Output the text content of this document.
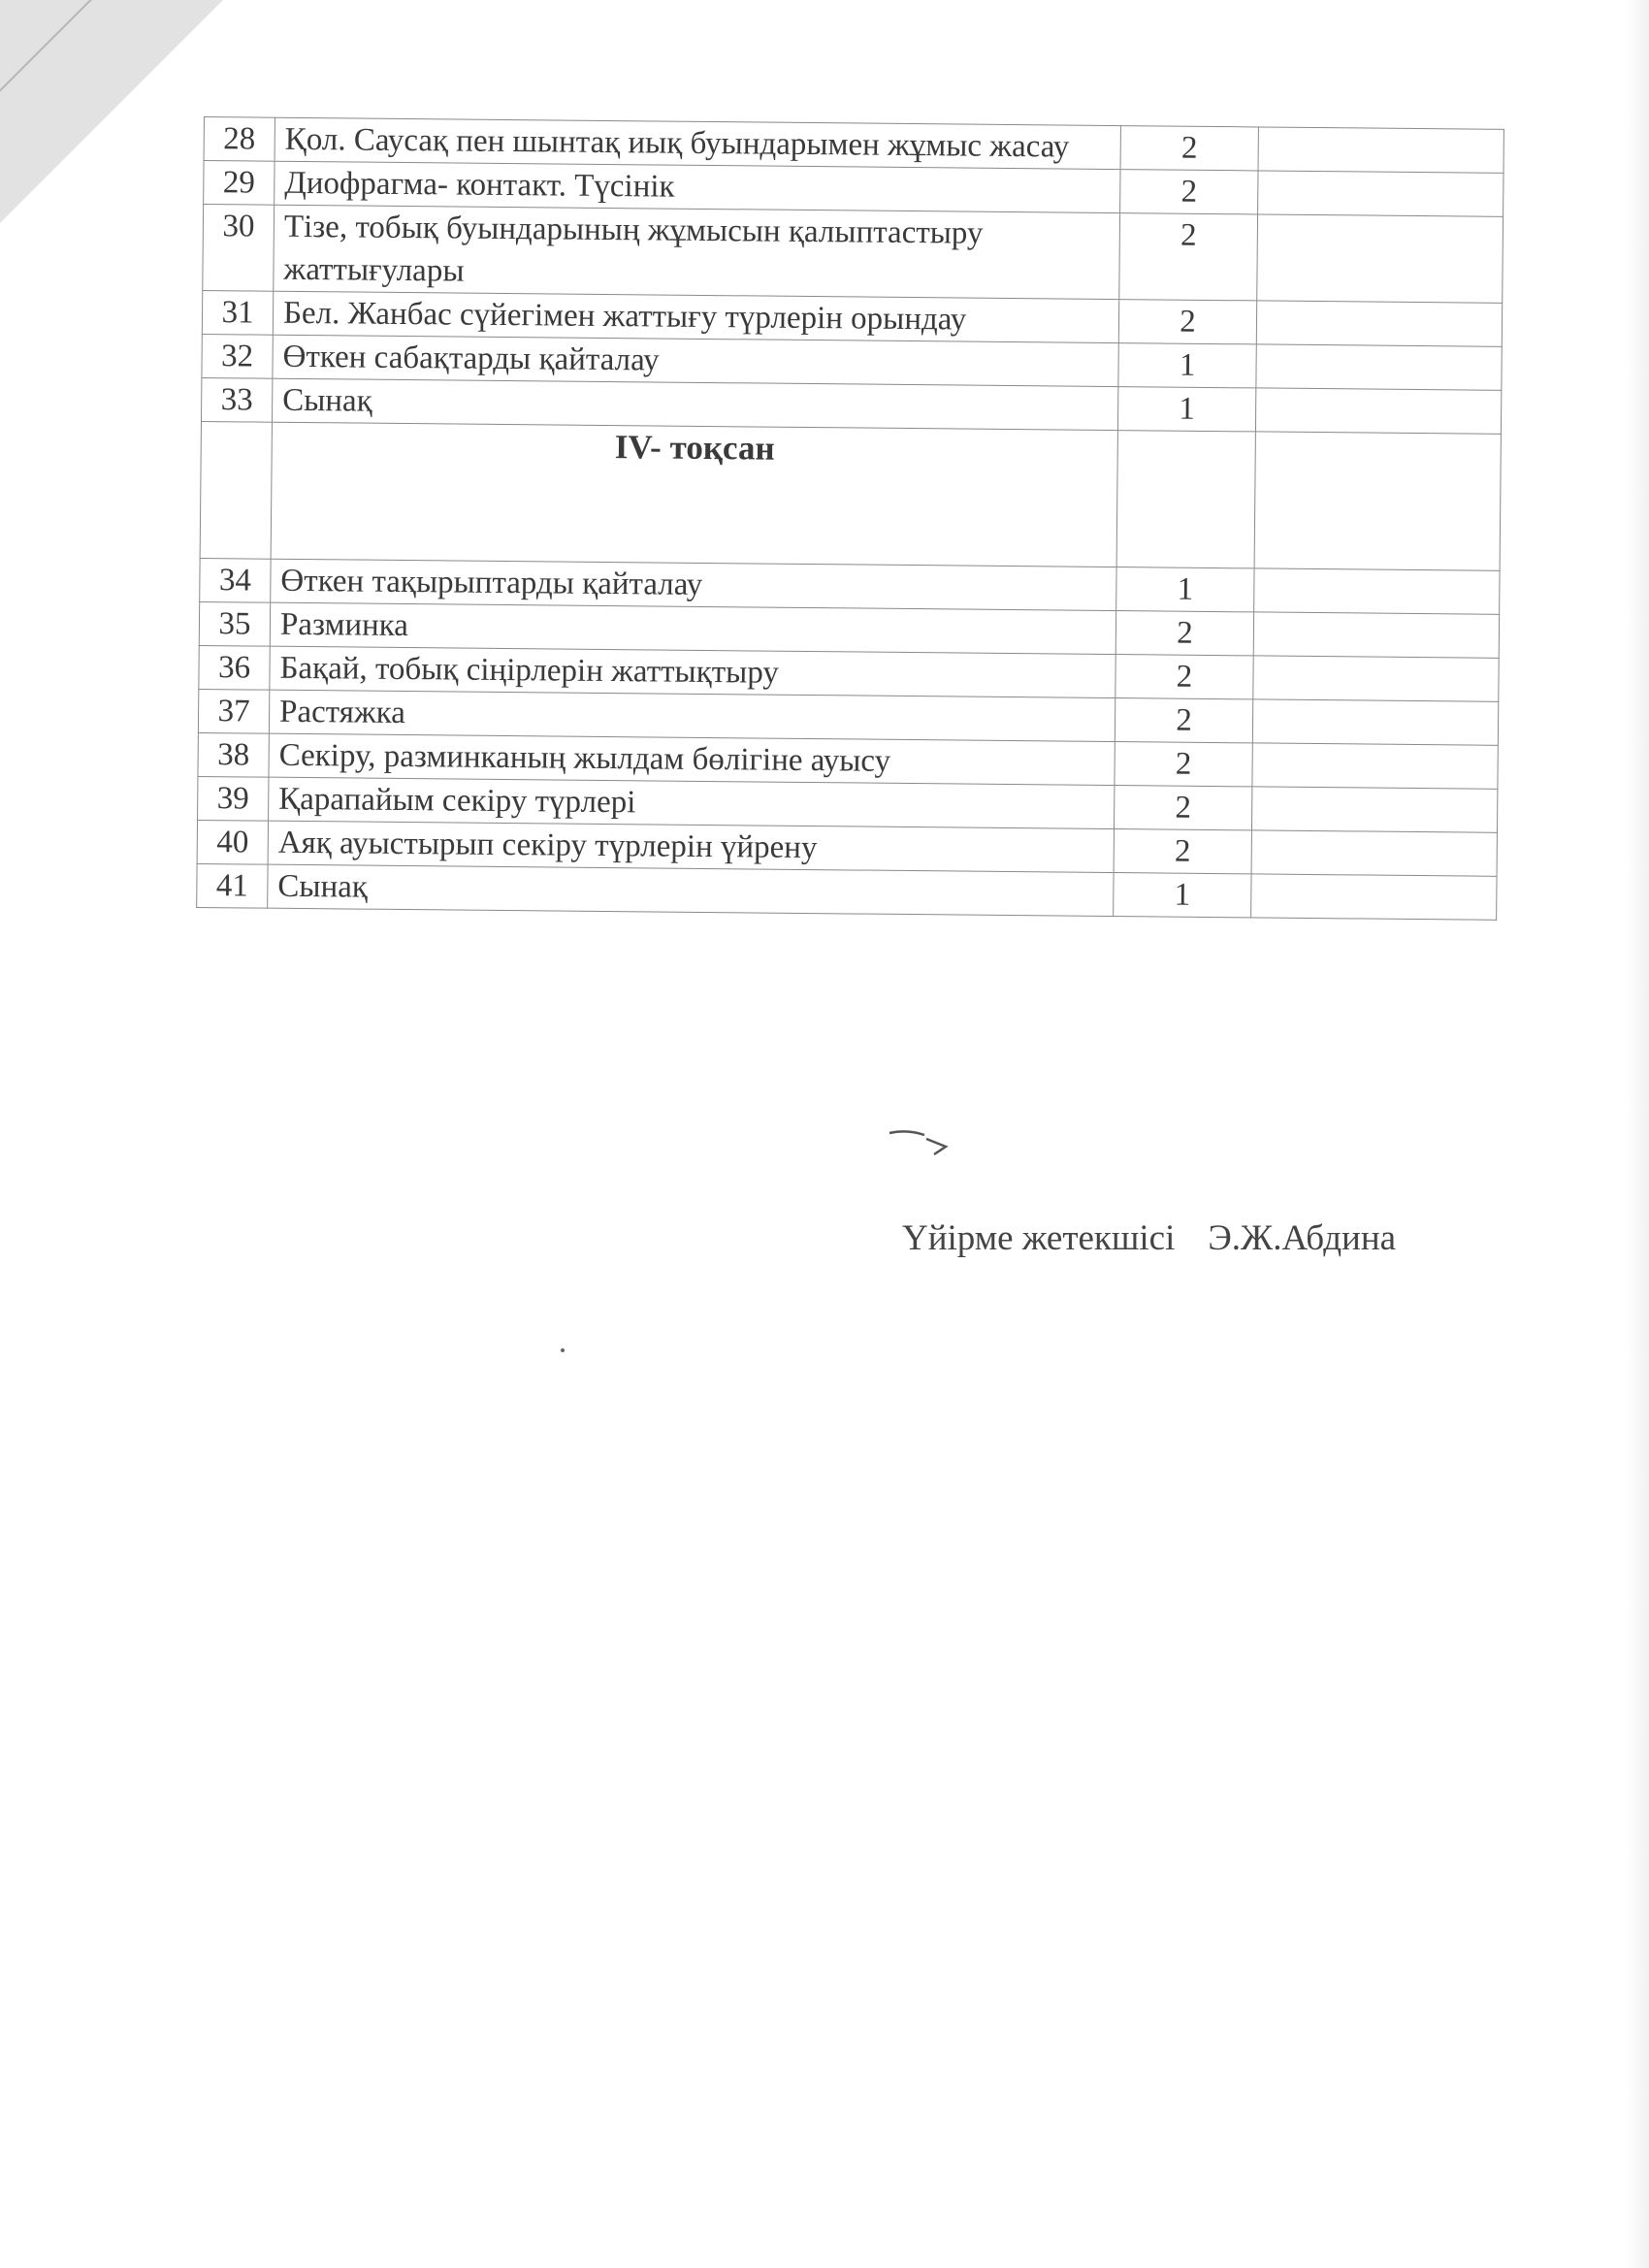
28	Қол. Саусақ пен шынтақ иық буындарымен жұмыс жасау	2	
29	Диофрагма- контакт. Түсінік	2	
30	Тізе, тобық буындарының жұмысын қалыптастыру жаттығулары	2	
31	Бел. Жанбас сүйегімен жаттығу түрлерін орындау	2	
32	Өткен сабақтарды қайталау	1	
33	Сынақ	1	
	IV- тоқсан		
34	Өткен тақырыптарды қайталау	1	
35	Разминка	2	
36	Бақай, тобық сіңірлерін жаттықтыру	2	
37	Растяжка	2	
38	Секіру, разминканың жылдам бөлігіне ауысу	2	
39	Қарапайым секіру түрлері	2	
40	Аяқ ауыстырып секіру түрлерін үйрену	2	
41	Сынақ	1	
Үйірме жетекшісі Э.Ж.Абдина
